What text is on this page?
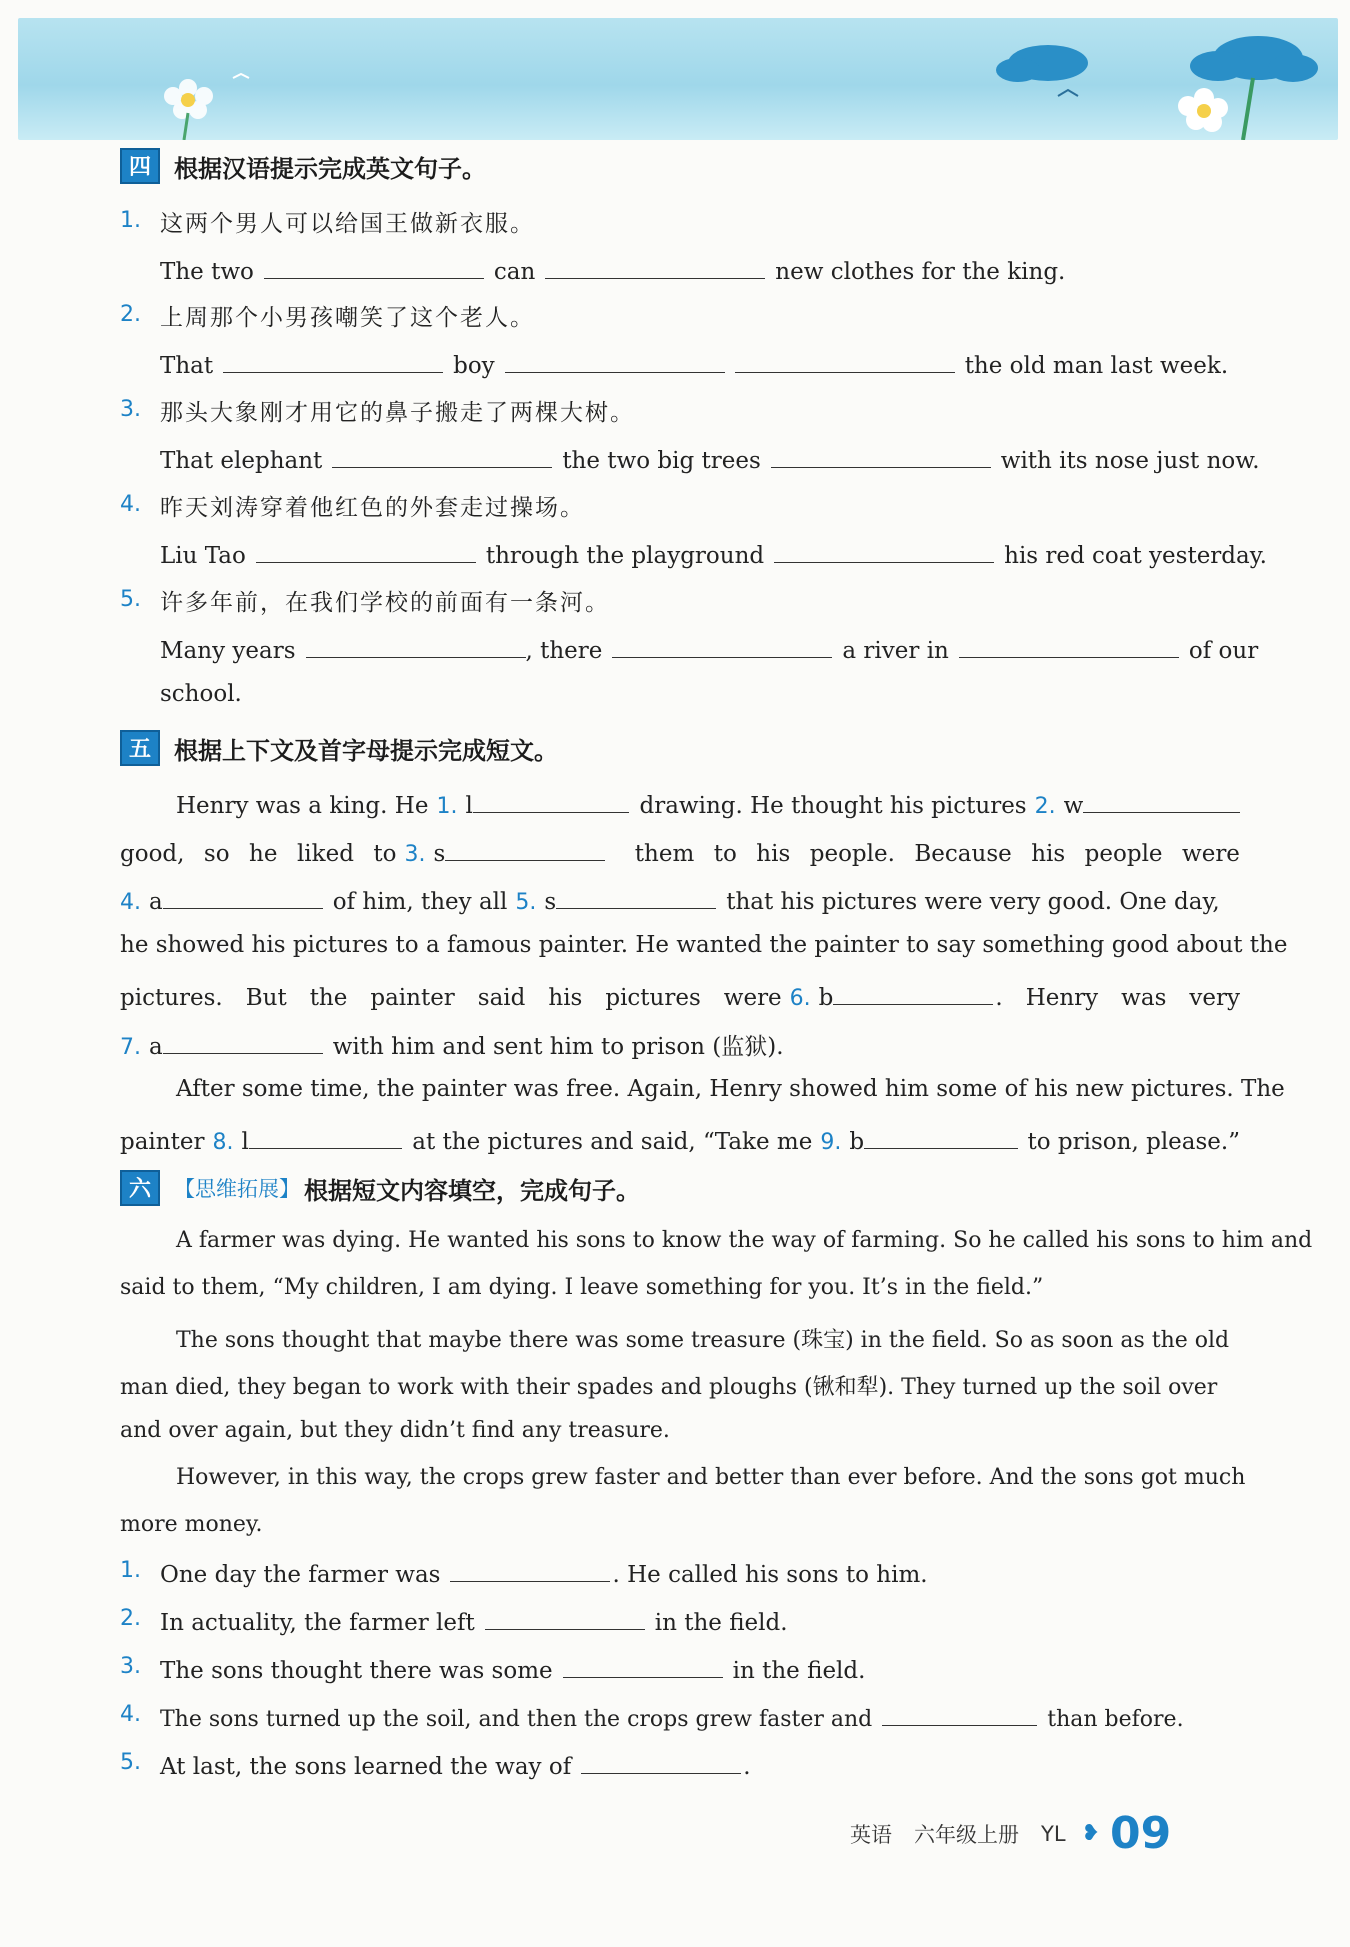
四 根据汉语提示完成英文句子。
1. 这两个男人可以给国王做新衣服。
The two	can	new clothes for the king.
2. 上周那个小男孩嘲笑了这个老人。
That	boy	the old man last week.
3. 那头大象刚才用它的鼻子搬走了两棵大树。
That elephant	the two big trees	with its nose just now.
4. 昨天刘涛穿着他红色的外套走过操场。
Liu Tao	through the playground	his red coat yesterday.
5. 许多年前，在我们学校的前面有一条河。
Many years	, there	a river in	of our
school.
五 根据上下文及首字母提示完成短文。
Henry was a king. He 1. l	drawing. He thought his pictures 2. w
good, so he liked to 3. s	them to his people. Because his people were
4. a	of him, they all 5. s	that his pictures were very good. One day,
he showed his pictures to a famous painter. He wanted the painter to say something good about the
pictures. But the painter said his pictures were 6. b	. Henry was very
7. a	with him and sent him to prison (监狱).
After some time, the painter was free. Again, Henry showed him some of his new pictures. The
painter 8. l	at the pictures and said, “Take me 9. b	to prison, please.”
六	【思维拓展】 根据短文内容填空，完成句子。
A farmer was dying. He wanted his sons to know the way of farming. So he called his sons to him and
said to them, “My children, I am dying. I leave something for you. It’s in the field.”
The sons thought that maybe there was some treasure (珠宝) in the field. So as soon as the old
man died, they began to work with their spades and ploughs (锹和犁). They turned up the soil over
and over again, but they didn’t find any treasure.
However, in this way, the crops grew faster and better than ever before. And the sons got much
more money.
1. One day the farmer was	. He called his sons to him.
2. In actuality, the farmer left	in the field.
3. The sons thought there was some	in the field.
4. The sons turned up the soil, and then the crops grew faster and	than before.
5. At last, the sons learned the way of	.
英语 六年级上册 YL ❥ 09
